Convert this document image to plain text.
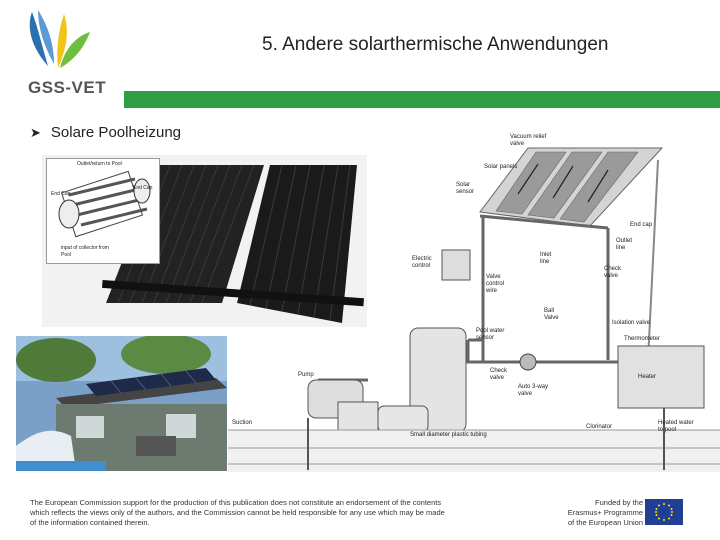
GSS-VET
5. Andere solarthermische Anwendungen
➤ Solare Poolheizung
Outlet/return to Pool
End Cap
End Cap
input of collector from
Pool
Vacuum relief
valve
Solar panels
Solar
sensor
End cap
Outlet
line
Electric
control
Inlet
line
Valve
control
wire
Check
valve
Ball
Valve
Isolation valve
Pool water
sensor	Thermometer
Pump
Check
valve
Auto 3-way
valve
Heater
Suction
Small diameter plastic tubing
Clorinator
Heated water
to pool
The European Commission support for the production of this publication does not constitute an endorsement of the contents which reflects the views only of the authors, and the Commission cannot be held responsible for any use which may be made of the information contained therein.
Funded by the
Erasmus+ Programme
of the European Union
